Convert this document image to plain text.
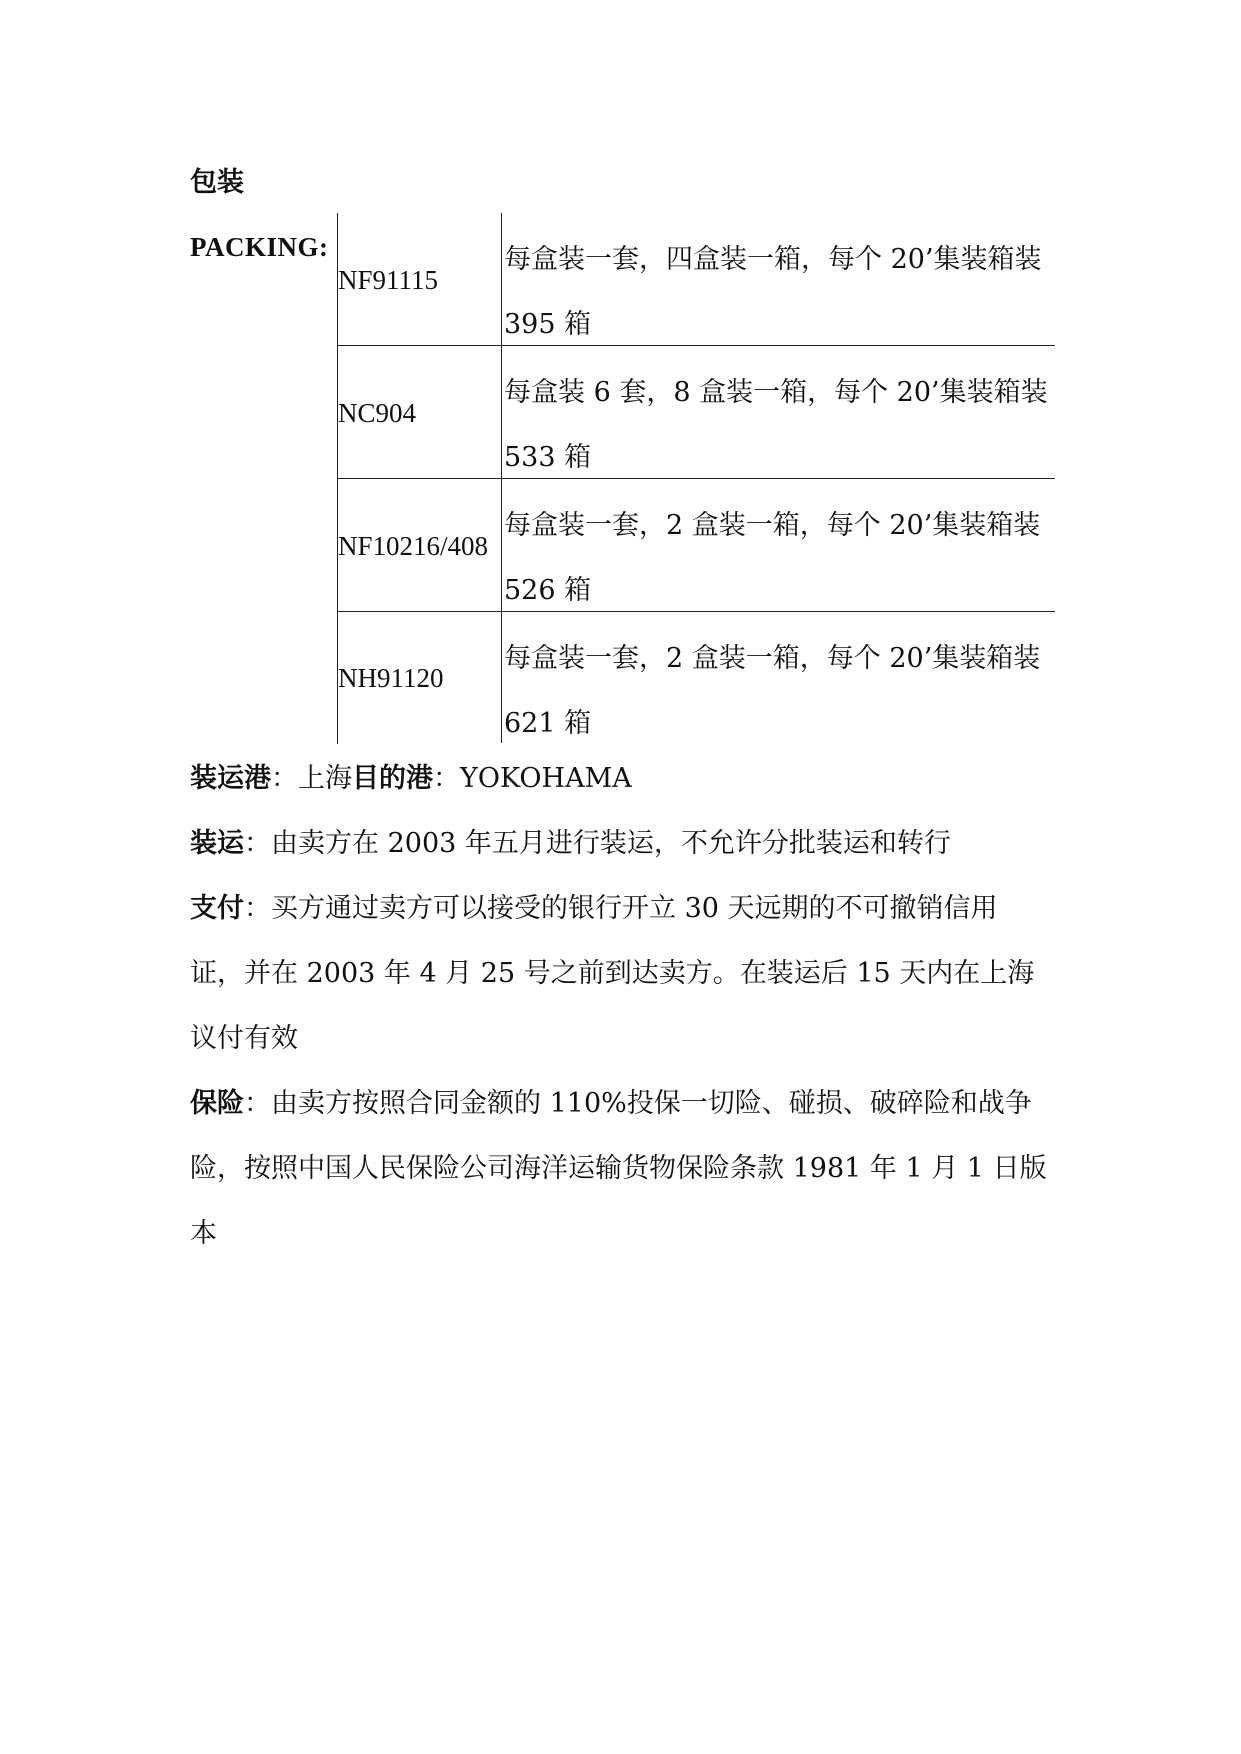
包装
PACKING:
NF91115
每盒装一套，四盒装一箱，每个 20’集装箱装 395 箱
NC904
每盒装 6 套，8 盒装一箱，每个 20’集装箱装 533 箱
NF10216/408
每盒装一套，2 盒装一箱，每个 20’集装箱装 526 箱
NH91120
每盒装一套，2 盒装一箱，每个 20’集装箱装 621 箱
装运港：上海目的港：YOKOHAMA
装运：由卖方在 2003 年五月进行装运，不允许分批装运和转行
支付：买方通过卖方可以接受的银行开立 30 天远期的不可撤销信用证，并在 2003 年 4 月 25 号之前到达卖方。在装运后 15 天内在上海议付有效
保险：由卖方按照合同金额的 110%投保一切险、碰损、破碎险和战争险，按照中国人民保险公司海洋运输货物保险条款 1981 年 1 月 1 日版本
